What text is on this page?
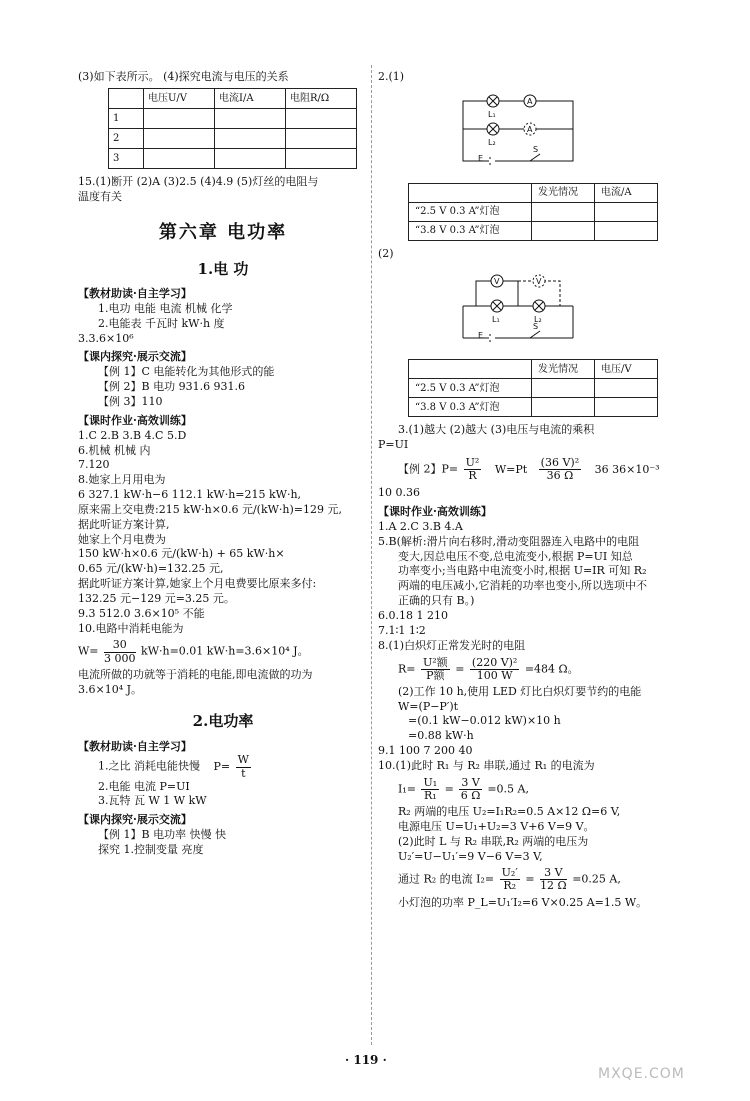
(3)如下表所示。 (4)探究电流与电压的关系
	电压U/V	电流I/A	电阻R/Ω
1			
2			
3			
15.(1)断开 (2)A (3)2.5 (4)4.9 (5)灯丝的电阻与
温度有关
第六章 电功率
1.电 功
【教材助读·自主学习】
1.电功 电能 电流 机械 化学
2.电能表 千瓦时 kW·h 度
3.3.6×10⁶
【课内探究·展示交流】
【例 1】C 电能转化为其他形式的能
【例 2】B 电功 931.6 931.6
【例 3】110
【课时作业·高效训练】
1.C 2.B 3.B 4.C 5.D
6.机械 机械 内
7.120
8.她家上月用电为
6 327.1 kW·h−6 112.1 kW·h=215 kW·h,
原来需上交电费:215 kW·h×0.6 元/(kW·h)=129 元,
据此听证方案计算,
她家上个月电费为
150 kW·h×0.6 元/(kW·h) + 65 kW·h×
0.65 元/(kW·h)=132.25 元,
据此听证方案计算,她家上个月电费要比原来多付:
132.25 元−129 元=3.25 元。
9.3 512.0 3.6×10⁵ 不能
10.电路中消耗电能为
$W= \frac{30}{3 000} kW\cdot h=0.01$ kW·h=3.6×10⁴ J。
电流所做的功就等于消耗的电能,即电流做的功为
3.6×10⁴ J。
2.电功率
【教材助读·自主学习】
1.之比 消耗电能快慢 $P= \frac{W}{t}$
2.电能 电流 P=UI
3.瓦特 瓦 W 1 W kW
【课内探究·展示交流】
【例 1】B 电功率 快慢 快
探究 1.控制变量 亮度
2.(1)
A
A
L₁
L₂
E
S
	发光情况	电流/A
“2.5 V 0.3 A”灯泡		
“3.8 V 0.3 A”灯泡		
(2)
V	V
L₁	L₂
E
S
	发光情况	电压/V
“2.5 V 0.3 A”灯泡		
“3.8 V 0.3 A”灯泡		
3.(1)越大 (2)越大 (3)电压与电流的乘积
P=UI
【例 2】$P= \frac{\text{U²}}{R} W=Pt \frac{\text{(36 V)²}}{36 \Omega} 36$ 36×10⁻³
10 0.36
【课时作业·高效训练】
1.A 2.C 3.B 4.A
5.B(解析:滑片向右移时,滑动变阻器连入电路中的电阻
变大,因总电压不变,总电流变小,根据 P=UI 知总
功率变小;当电路中电流变小时,根据 U=IR 可知 R₂
两端的电压减小,它消耗的功率也变小,所以选项中不
正确的只有 B。)
6.0.18 1 210
7.1∶1 1∶2
8.(1)白炽灯正常发光时的电阻
$R= \frac{\text{U²额}}{\text{P额}} = \frac{\text{(220 V)²}}{100 W} =484$ Ω。
(2)工作 10 h,使用 LED 灯比白炽灯要节约的电能
W=(P−P′)t
=(0.1 kW−0.012 kW)×10 h
=0.88 kW·h
9.1 100 7 200 40
10.(1)此时 R₁ 与 R₂ 串联,通过 R₁ 的电流为
$I_1= \frac{\text{U₁}}{\text{R₁}} = \frac{3 V}{6 \Omega} =0.5$ A,
R₂ 两端的电压 U₂=I₁R₂=0.5 A×12 Ω=6 V,
电源电压 U=U₁+U₂=3 V+6 V=9 V。
(2)此时 L 与 R₂ 串联,R₂ 两端的电压为
U₂′=U−U₁′=9 V−6 V=3 V,
通过 R₂ 的电流 $I_2= \frac{\text{U₂′}}{\text{R₂}} = \frac{3 V}{12 \Omega} =0.25$ A,
小灯泡的功率 P_L=U₁′I₂=6 V×0.25 A=1.5 W。
· 119 ·
MXQE.COM
